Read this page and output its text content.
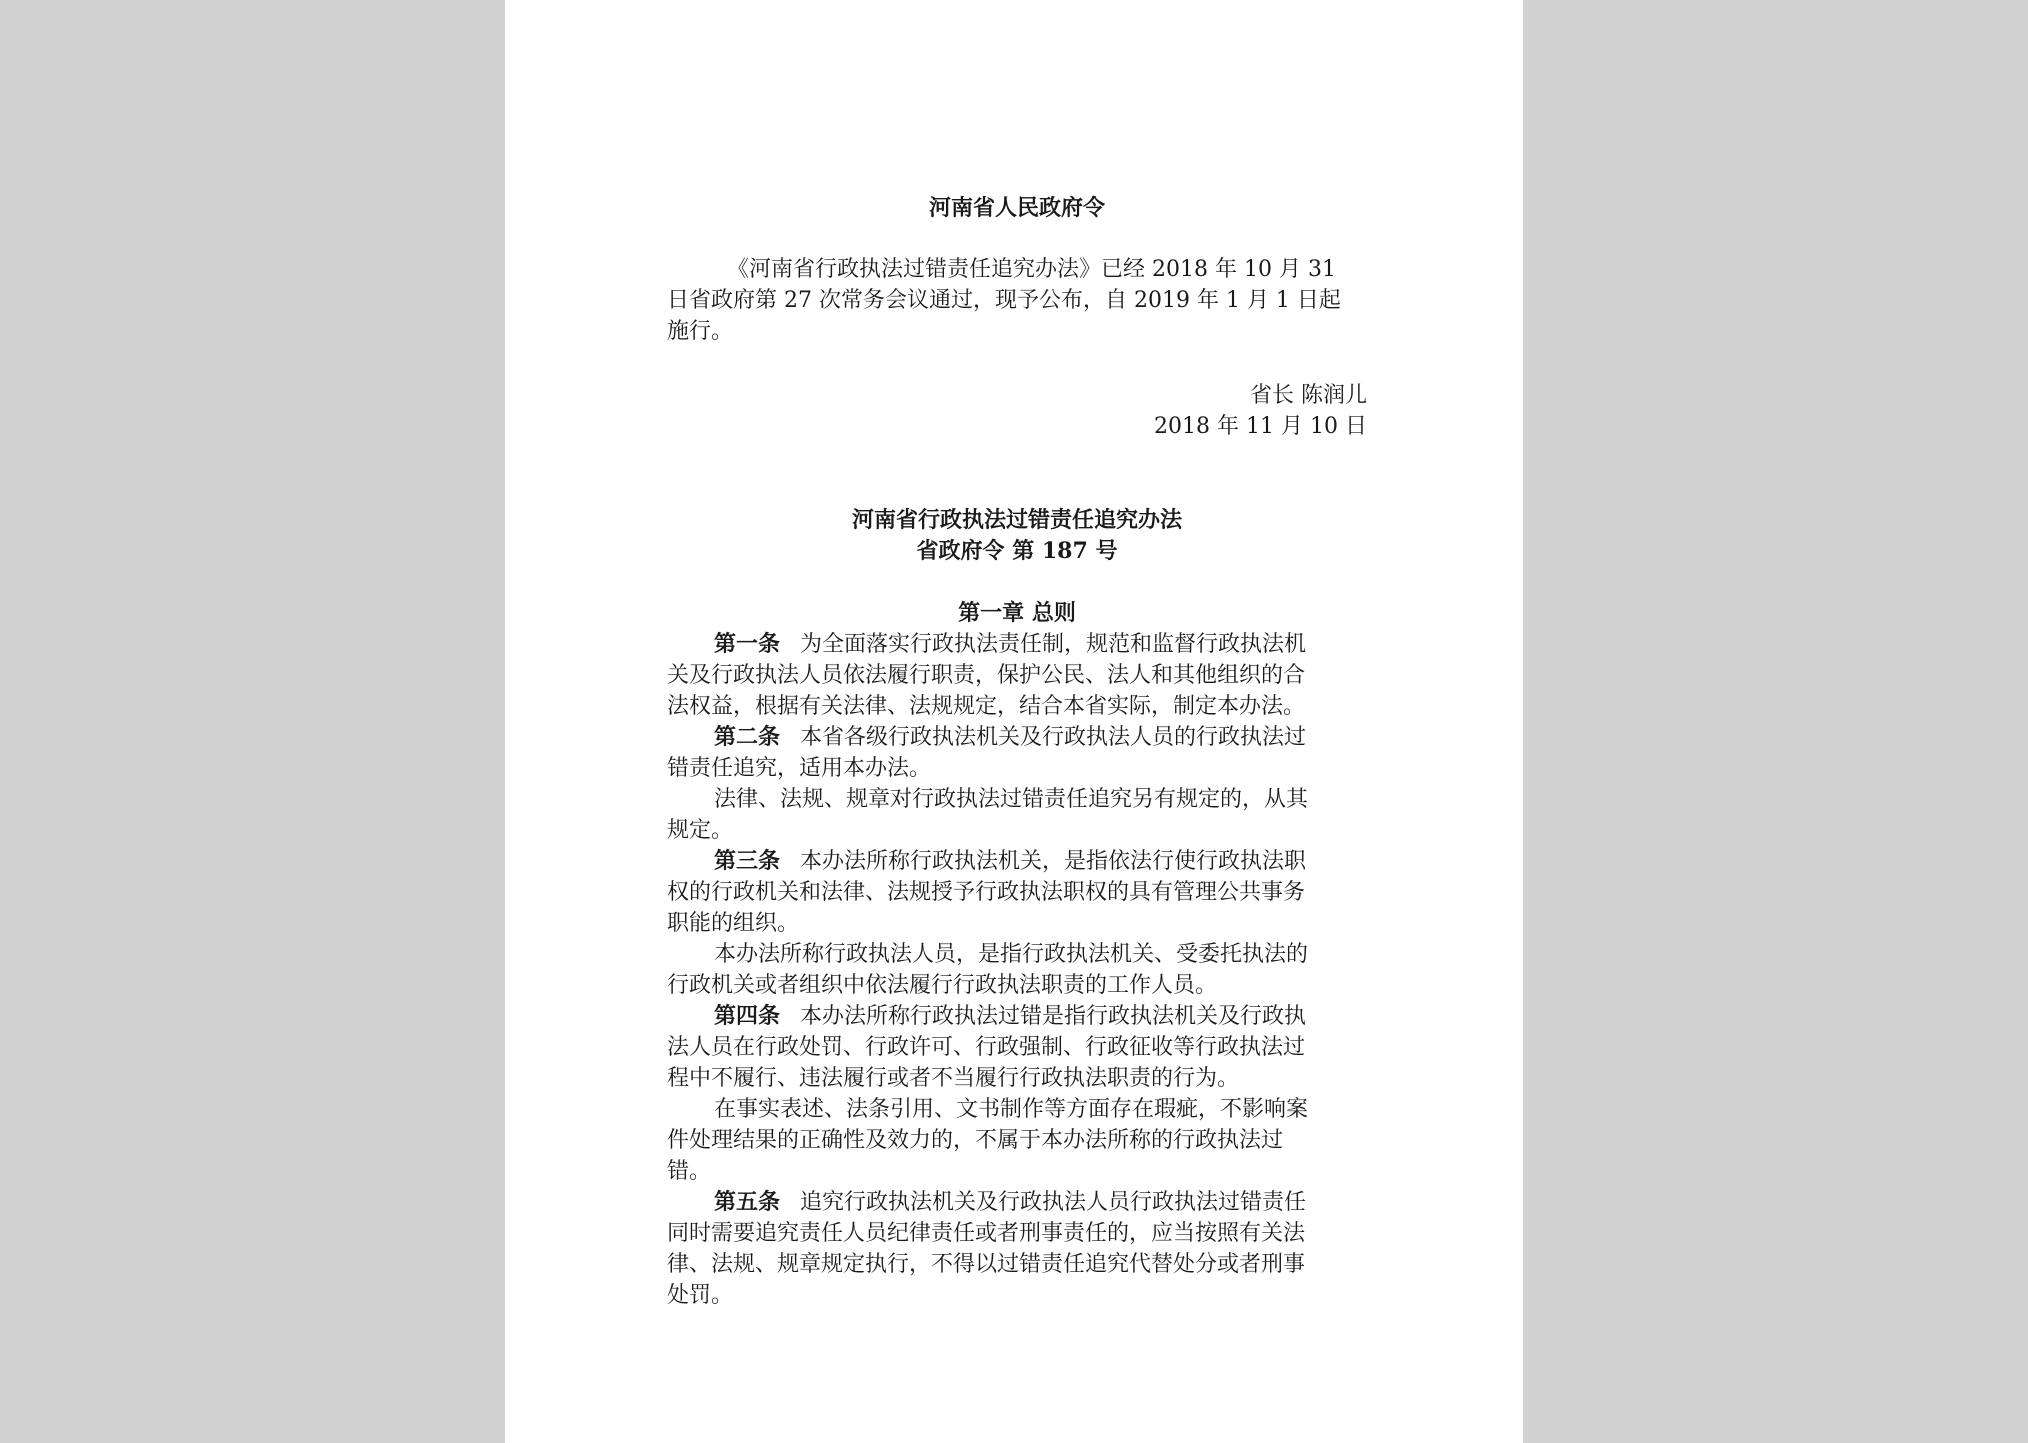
河南省人民政府令
《河南省行政执法过错责任追究办法》已经 2018 年 10 月 31
日省政府第 27 次常务会议通过，现予公布，自 2019 年 1 月 1 日起
施行。
省长 陈润儿
2018 年 11 月 10 日
河南省行政执法过错责任追究办法
省政府令 第 187 号
第一章 总则
第一条 为全面落实行政执法责任制，规范和监督行政执法机
关及行政执法人员依法履行职责，保护公民、法人和其他组织的合
法权益，根据有关法律、法规规定，结合本省实际，制定本办法。
第二条 本省各级行政执法机关及行政执法人员的行政执法过
错责任追究，适用本办法。
法律、法规、规章对行政执法过错责任追究另有规定的，从其
规定。
第三条 本办法所称行政执法机关，是指依法行使行政执法职
权的行政机关和法律、法规授予行政执法职权的具有管理公共事务
职能的组织。
本办法所称行政执法人员，是指行政执法机关、受委托执法的
行政机关或者组织中依法履行行政执法职责的工作人员。
第四条 本办法所称行政执法过错是指行政执法机关及行政执
法人员在行政处罚、行政许可、行政强制、行政征收等行政执法过
程中不履行、违法履行或者不当履行行政执法职责的行为。
在事实表述、法条引用、文书制作等方面存在瑕疵，不影响案
件处理结果的正确性及效力的，不属于本办法所称的行政执法过
错。
第五条 追究行政执法机关及行政执法人员行政执法过错责任
同时需要追究责任人员纪律责任或者刑事责任的，应当按照有关法
律、法规、规章规定执行，不得以过错责任追究代替处分或者刑事
处罚。
